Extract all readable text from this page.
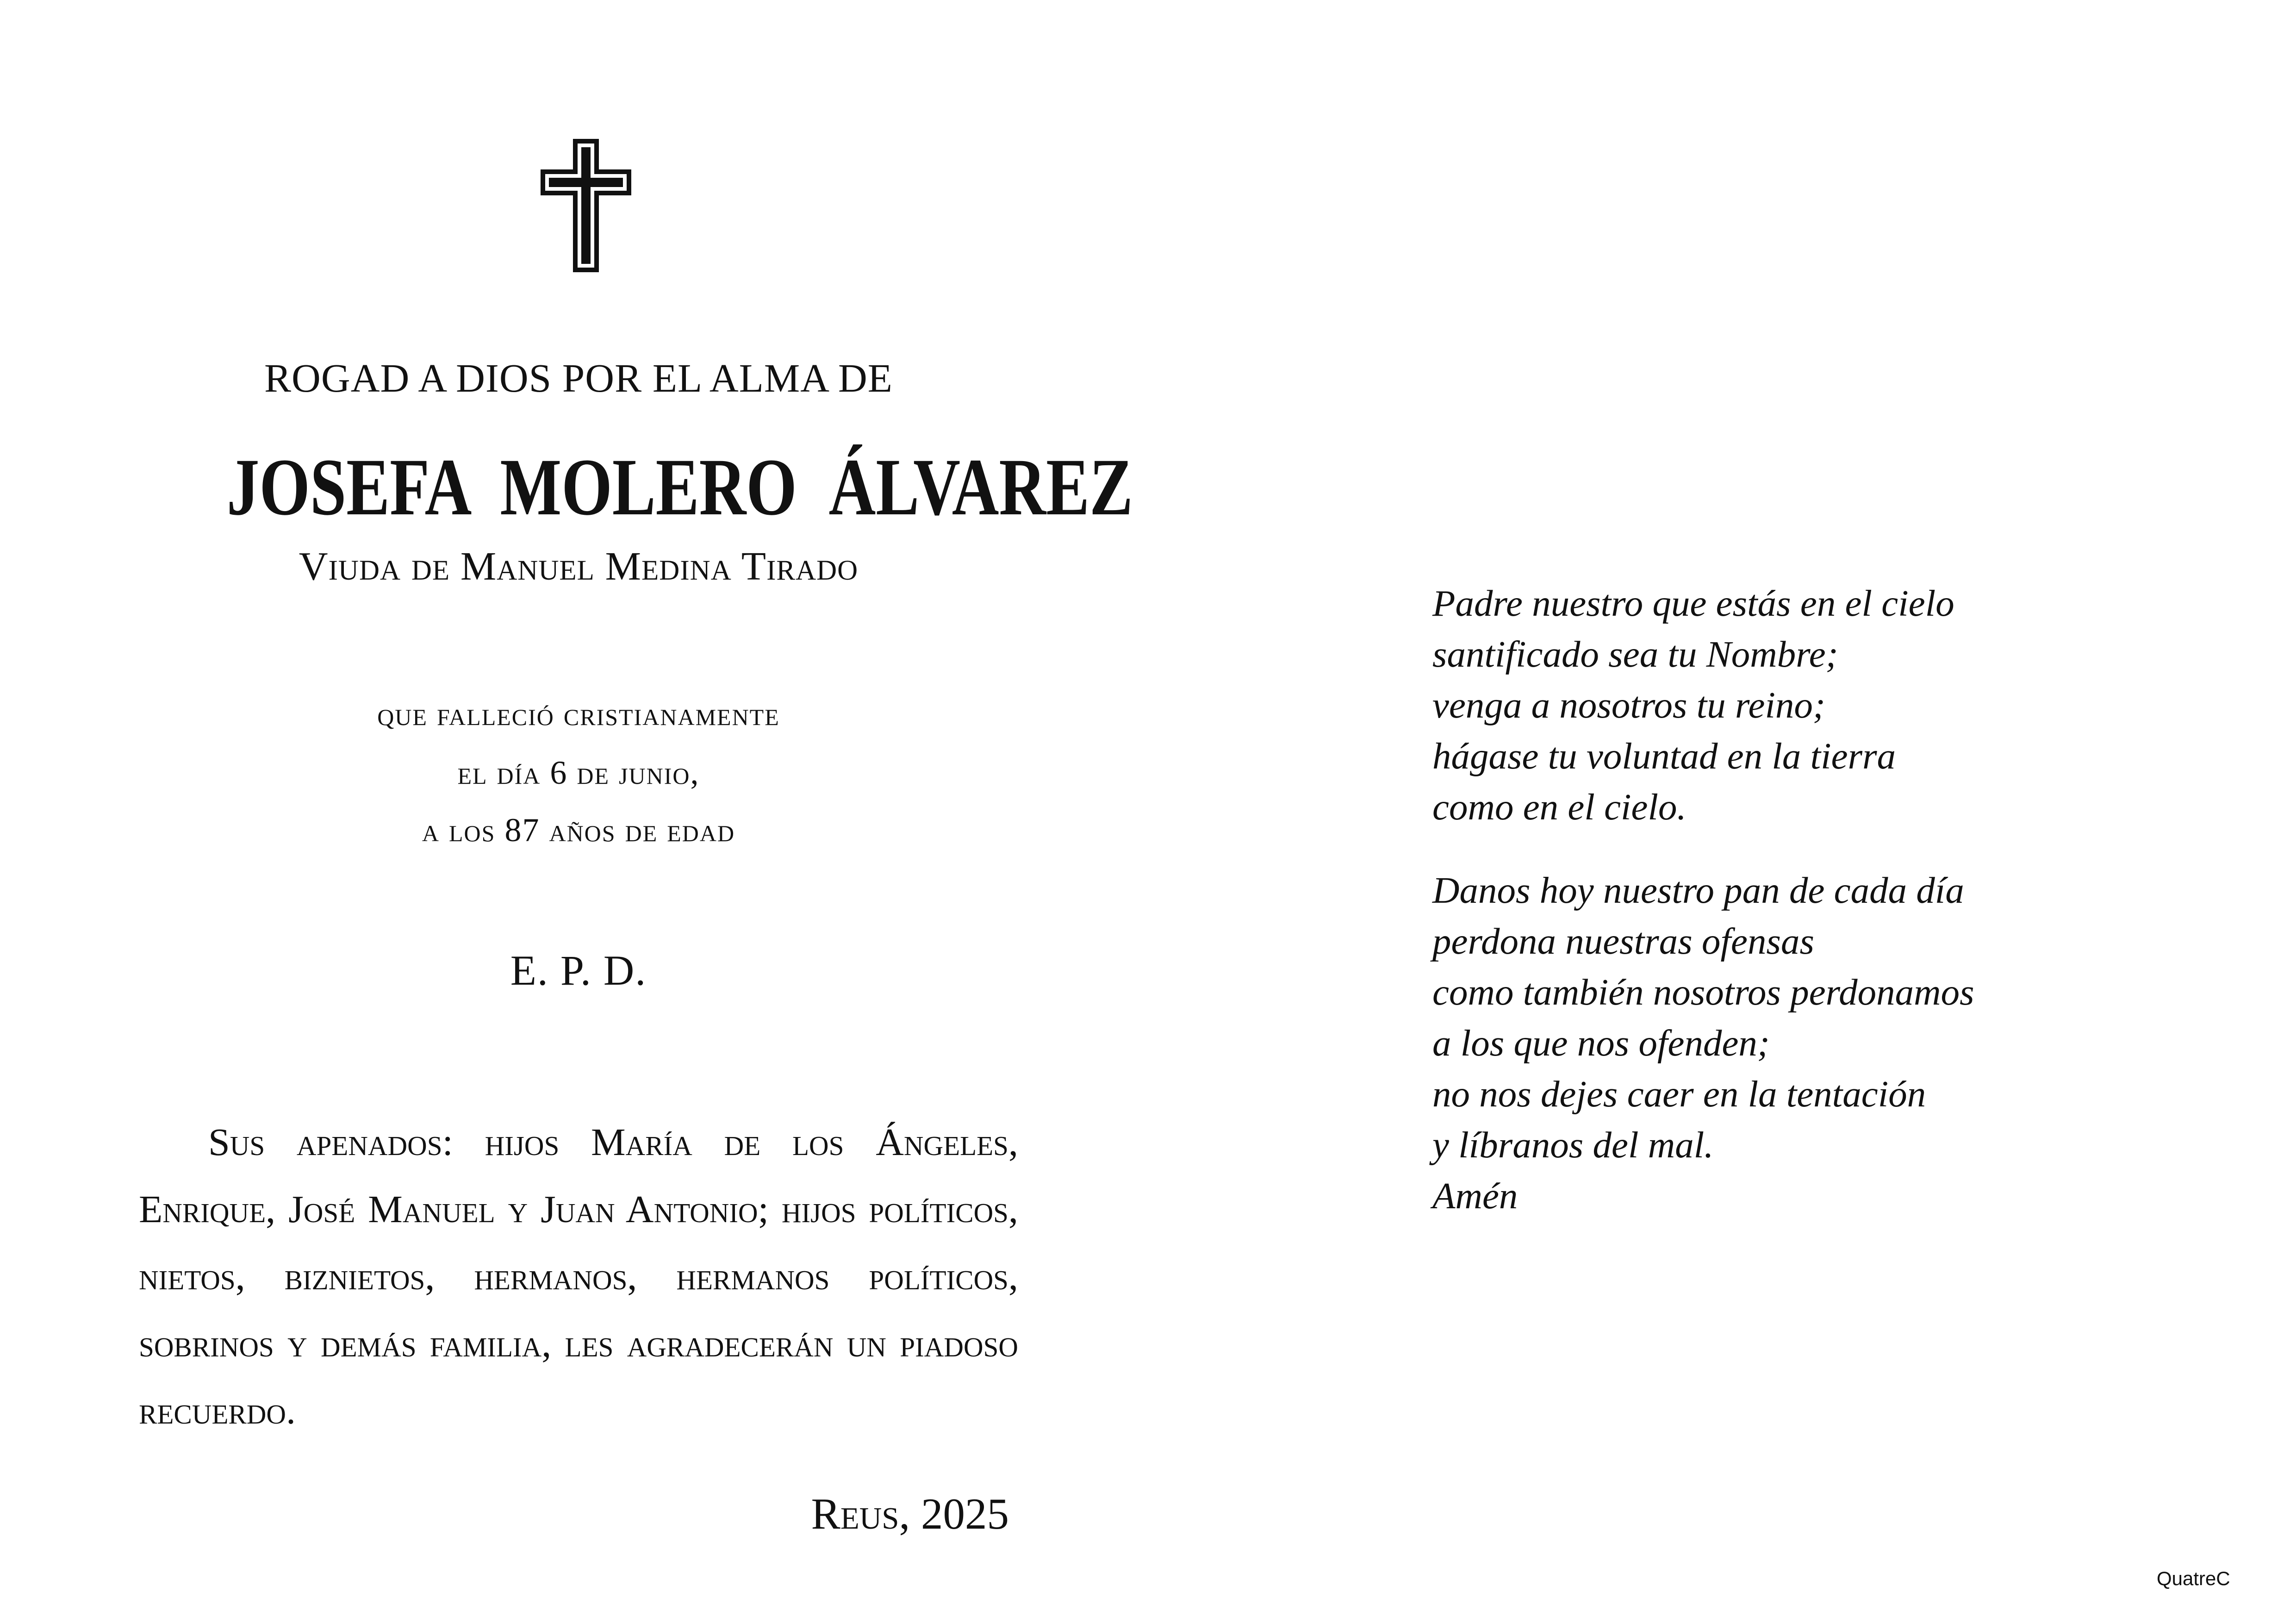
ROGAD A DIOS POR EL ALMA DE
JOSEFA MOLERO ÁLVAREZ
Viuda de Manuel Medina Tirado
que falleció cristianamente
el día 6 de junio,
a los 87 años de edad
E. P. D.

Sus apenados: hijos María de los Ángeles, Enrique, José Manuel y Juan Antonio; hijos políticos, nietos, biznietos, hermanos, hermanos políticos, sobrinos y demás familia, les agradecerán un piadoso recuerdo.

Reus, 2025
Padre nuestro que estás en el cielo
santificado sea tu Nombre;
venga a nosotros tu reino;
hágase tu voluntad en la tierra
como en el cielo.
Danos hoy nuestro pan de cada día
perdona nuestras ofensas
como también nosotros perdonamos
a los que nos ofenden;
no nos dejes caer en la tentación
y líbranos del mal.
Amén
QuatreC
